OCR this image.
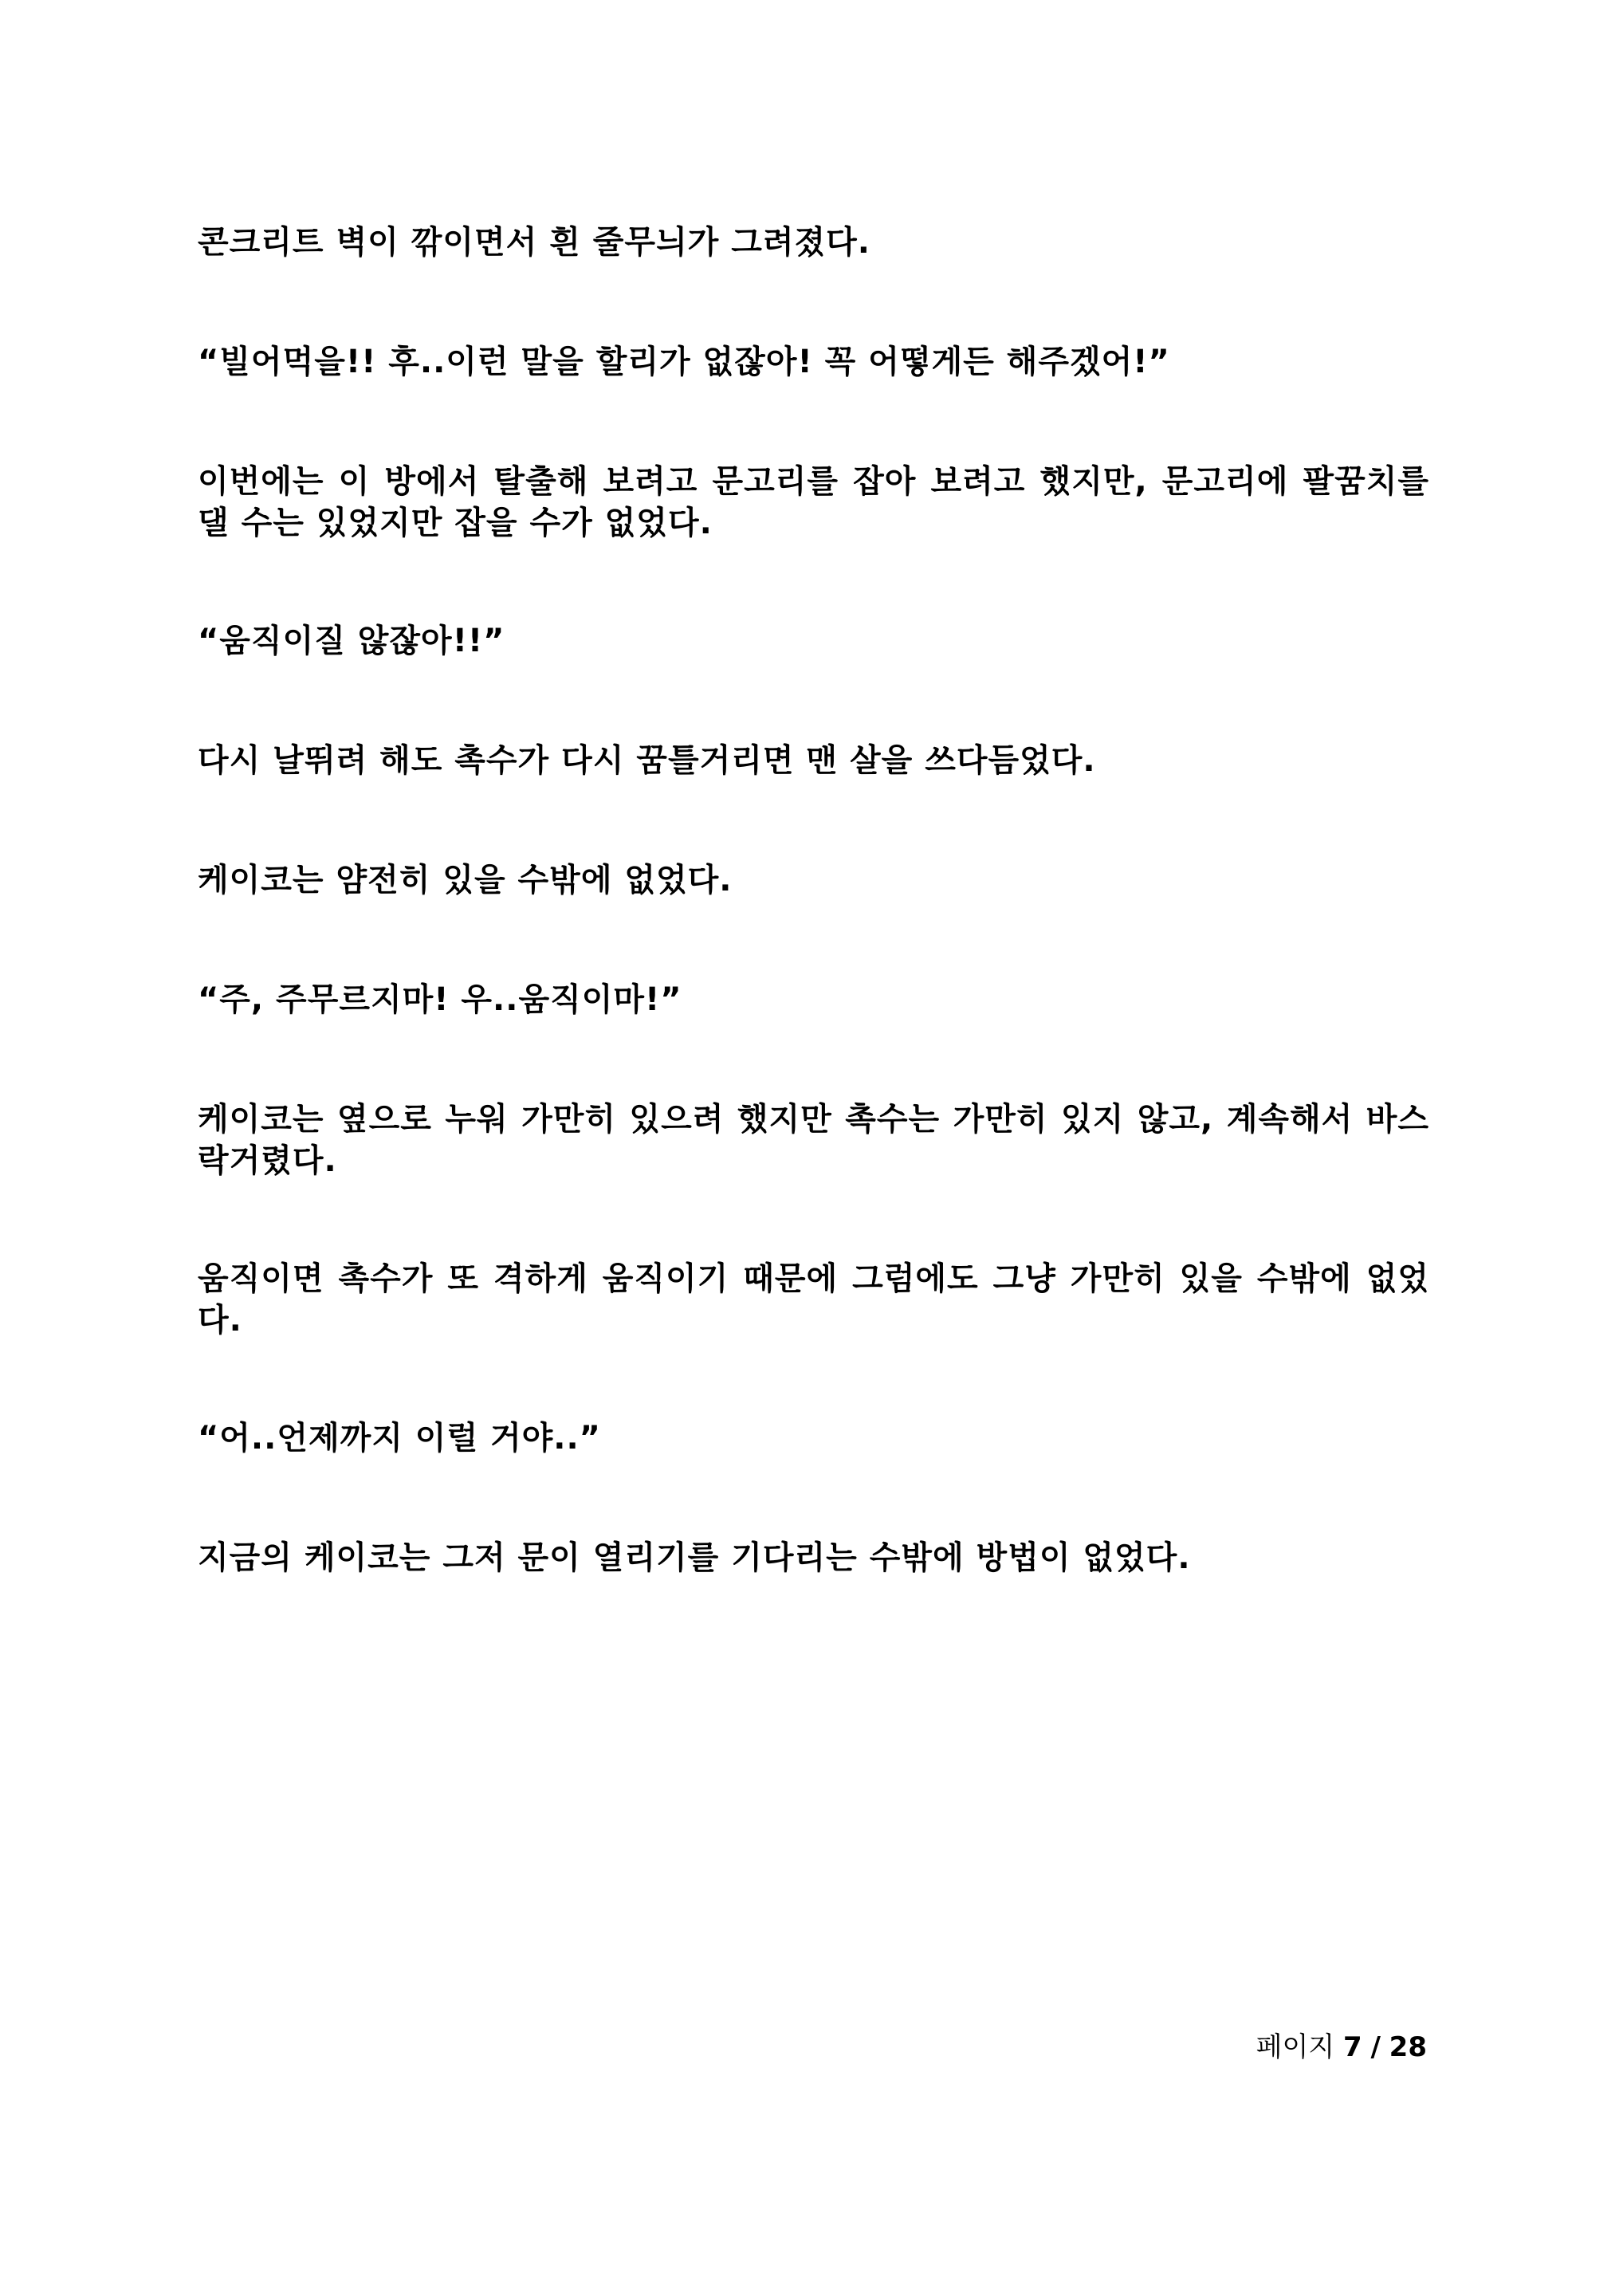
콘크리트 벽이 깎이면서 흰 줄무늬가 그려졌다.

“빌어먹을!! 후..이런 말을 할리가 없잖아! 꼭 어떻게든 해주겠어!”

이번에는 이 방에서 탈출해 보려고 문고리를 잡아 보려고 했지만, 문고리에 팔꿈치를 댈 수는 있었지만 잡을 수가 없었다.

“움직이질 않잖아!!”

다시 날뛰려 해도 촉수가 다시 꿈틀거리면 맨 살을 쓰다듬었다.

케이코는 얌전히 있을 수밖에 없었다.

“주, 주무르지마! 우..움직이마!”

케이코는 옆으로 누워 가만히 있으려 했지만 촉수는 가만히 있지 않고, 계속해서 바스락거렸다.

움직이면 촉수가 또 격하게 움직이기 때문에 그럼에도 그냥 가만히 있을 수밖에 없었다.

“어..언제까지 이럴 거야..”

지금의 케이코는 그저 문이 열리기를 기다리는 수밖에 방법이 없었다.

페이지 7 / 28
